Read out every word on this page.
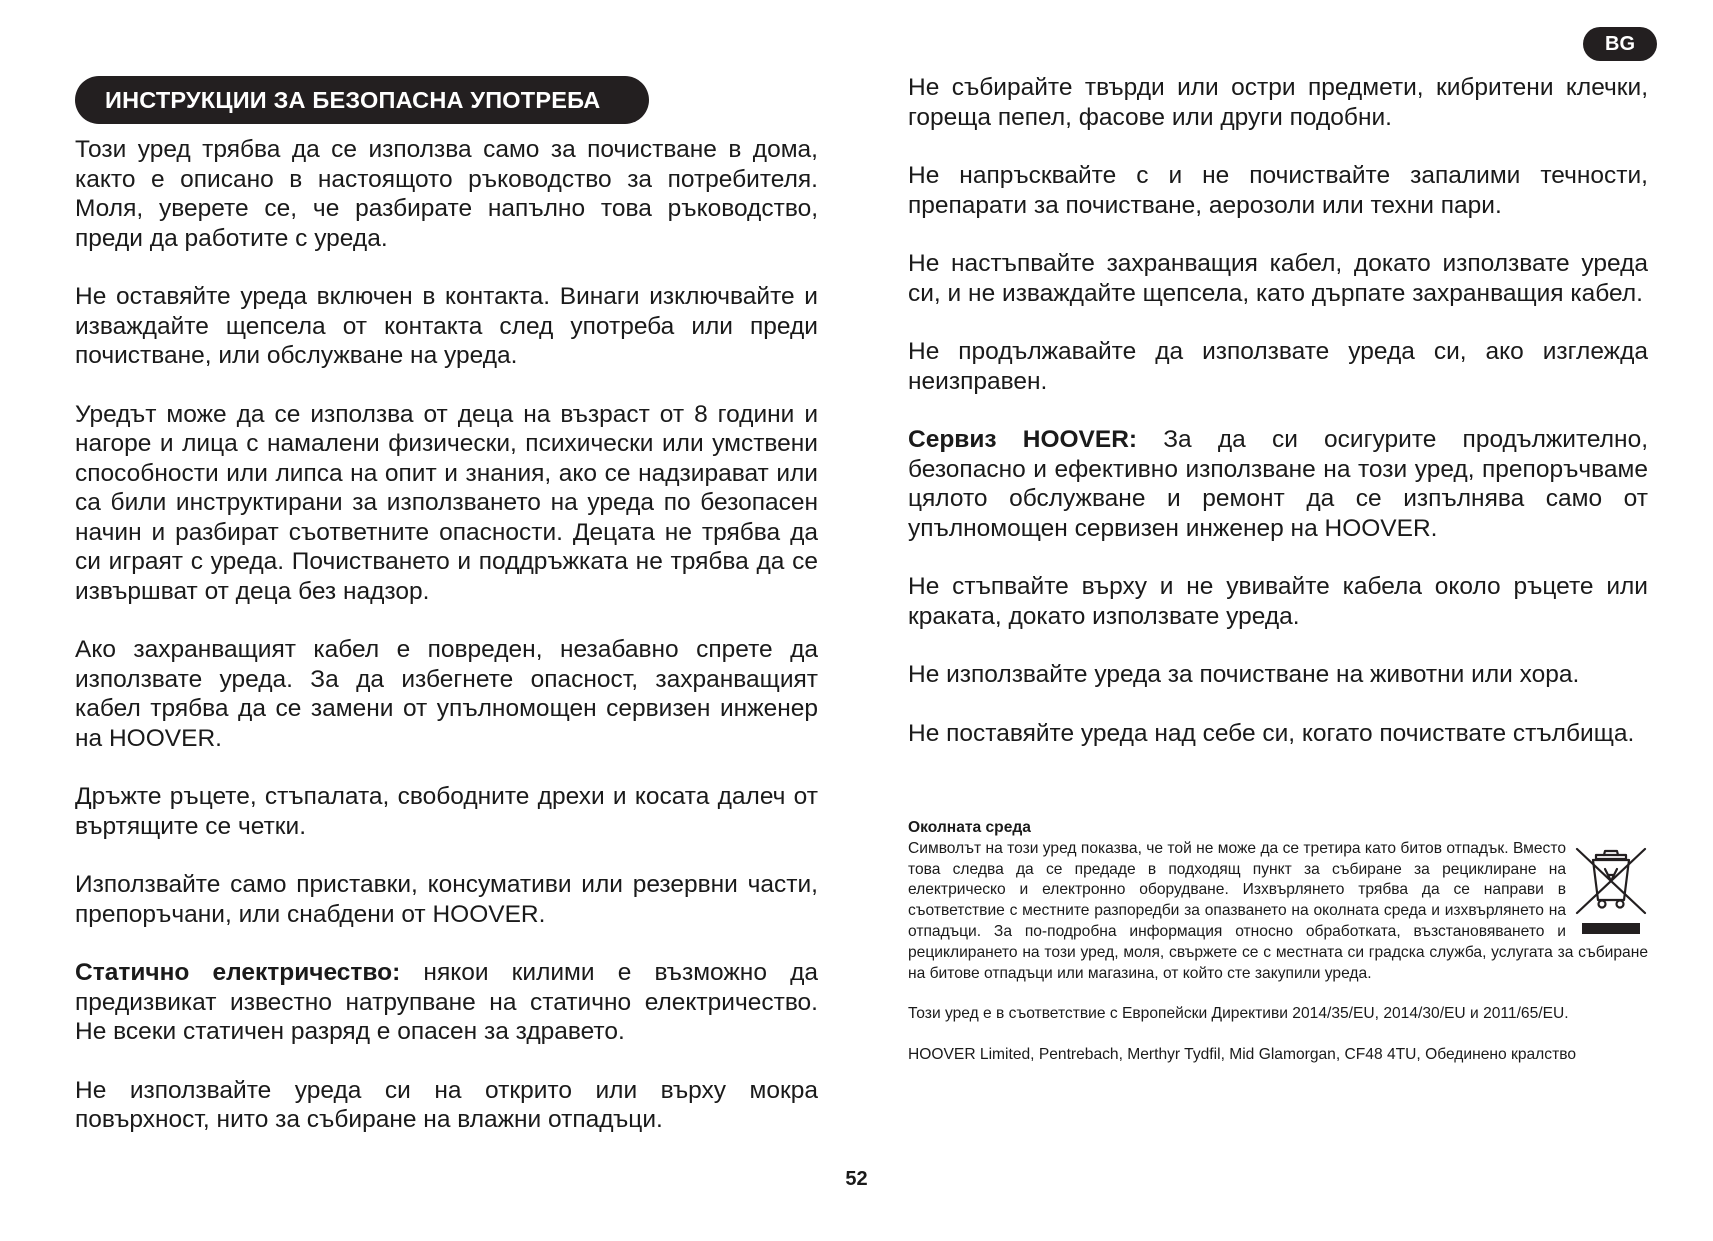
BG
ИНСТРУКЦИИ ЗА БЕЗОПАСНА УПОТРЕБА

Този уред трябва да се използва само за почистване в дома, както е описано в настоящото ръководство за потребителя. Моля, уверете се, че разбирате напълно това ръководство, преди да работите с уреда.

Не оставяйте уреда включен в контакта. Винаги изключвайте и изваждайте щепсела от контакта след употреба или преди почистване, или обслужване на уреда.

Уредът може да се използва от деца на възраст от 8 години и нагоре и лица с намалени физически, психически или умствени способности или липса на опит и знания, ако се надзирават или са били инструктирани за използването на уреда по безопасен начин и разбират съответните опасности. Децата не трябва да си играят с уреда. Почистването и поддръжката не трябва да се извършват от деца без надзор.

Ако захранващият кабел е повреден, незабавно спрете да използвате уреда. За да избегнете опасност, захранващият кабел трябва да се замени от упълномощен сервизен инженер на HOOVER.

Дръжте ръцете, стъпалата, свободните дрехи и косата далеч от въртящите се четки.

Използвайте само приставки, консумативи или резервни части, препоръчани, или снабдени от HOOVER.

Статично електричество: някои килими е възможно да предизвикат известно натрупване на статично електричество. Не всеки статичен разряд е опасен за здравето.

Не използвайте уреда си на открито или върху мокра повърхност, нито за събиране на влажни отпадъци.

Не събирайте твърди или остри предмети, кибритени клечки, гореща пепел, фасове или други подобни.

Не напръсквайте с и не почиствайте запалими течности, препарати за почистване, аерозоли или техни пари.

Не настъпвайте захранващия кабел, докато използвате уреда си, и не изваждайте щепсела, като дърпате захранващия кабел.

Не продължавайте да използвате уреда си, ако изглежда неизправен.

Сервиз HOOVER: За да си осигурите продължително, безопасно и ефективно използване на този уред, препоръчваме цялото обслужване и ремонт да се изпълнява само от упълномощен сервизен инженер на HOOVER.

Не стъпвайте върху и не увивайте кабела около ръцете или краката, докато използвате уреда.

Не използвайте уреда за почистване на животни или хора.

Не поставяйте уреда над себе си, когато почиствате стълбища.

Околната среда

Символът на този уред показва, че той не може да се третира като битов отпадък. Вместо това следва да се предаде в подходящ пункт за събиране за рециклиране на електрическо и електронно оборудване. Изхвърлянето трябва да се направи в съответствие с местните разпоредби за опазването на околната среда и изхвърлянето на отпадъци. За по-подробна информация относно обработката, възстановяването и рециклирането на този уред, моля, свържете се с местната си градска служба, услугата за събиране на битове отпадъци или магазина, от който сте закупили уреда.

Този уред е в съответствие с Европейски Директиви 2014/35/EU, 2014/30/EU и 2011/65/EU.

HOOVER Limited, Pentrebach, Merthyr Tydfil, Mid Glamorgan, CF48 4TU, Обединено кралство

52
